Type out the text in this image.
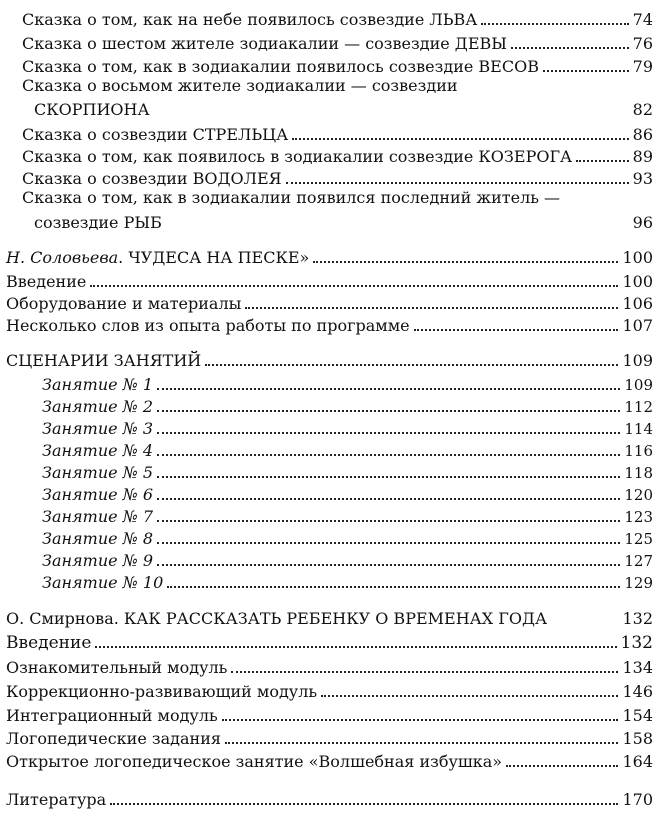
Сказка о том, как на небе появилось созвездие ЛЬВА	74
Сказка о шестом жителе зодиакалии — созвездие ДЕВЫ	76
Сказка о том, как в зодиакалии появилось созвездие ВЕСОВ	79
Сказка о восьмом жителе зодиакалии — созвездии
СКОРПИОНА	82
Сказка о созвездии СТРЕЛЬЦА	86
Сказка о том, как появилось в зодиакалии созвездие КОЗЕРОГА	89
Сказка о созвездии ВОДОЛЕЯ	93
Сказка о том, как в зодиакалии появился последний житель —
созвездие РЫБ	96
Н. Соловьева. ЧУДЕСА НА ПЕСКЕ»	100
Введение	100
Оборудование и материалы	106
Несколько слов из опыта работы по программе	107
СЦЕНАРИИ ЗАНЯТИЙ	109
Занятие № 1	109
Занятие № 2	112
Занятие № 3	114
Занятие № 4	116
Занятие № 5	118
Занятие № 6	120
Занятие № 7	123
Занятие № 8	125
Занятие № 9	127
Занятие № 10	129
О. Смирнова. КАК РАССКАЗАТЬ РЕБЕНКУ О ВРЕМЕНАХ ГОДА	132
Введение	132
Ознакомительный модуль	134
Коррекционно-развивающий модуль	146
Интеграционный модуль	154
Логопедические задания	158
Открытое логопедическое занятие «Волшебная избушка»	164
Литература	170
